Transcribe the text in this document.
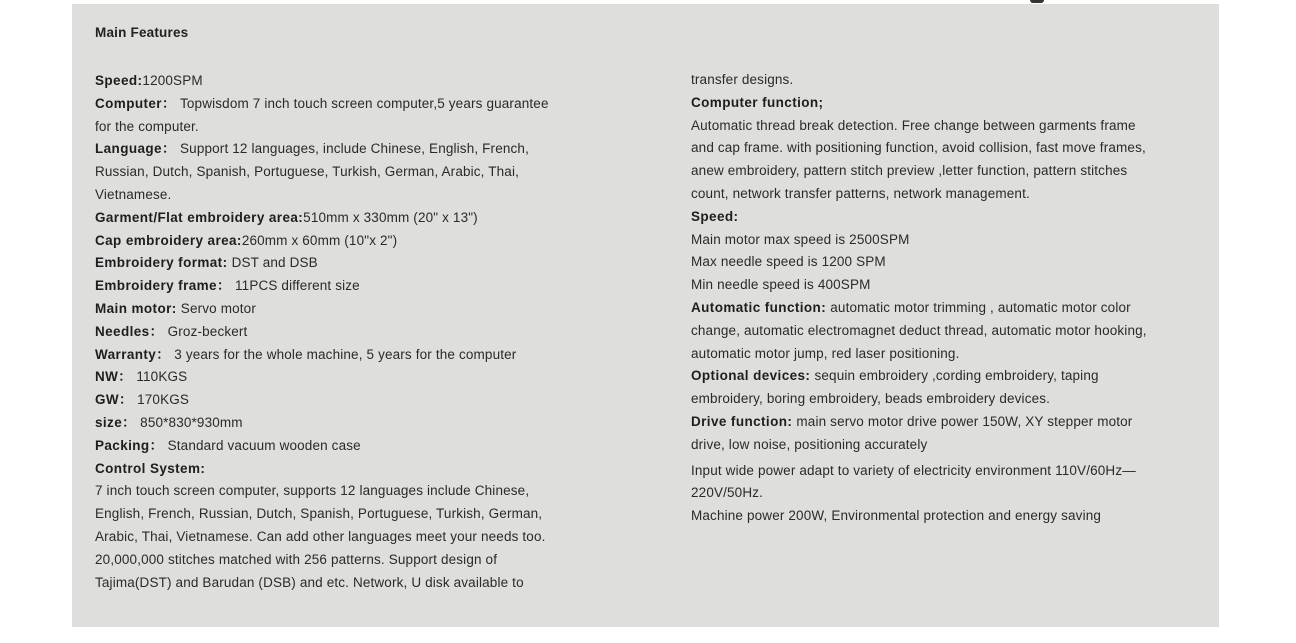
Main Features
Speed:1200SPM
Computer： Topwisdom 7 inch touch screen computer,5 years guarantee
for the computer.
Language： Support 12 languages, include Chinese, English, French,
Russian, Dutch, Spanish, Portuguese, Turkish, German, Arabic, Thai,
Vietnamese.
Garment/Flat embroidery area:510mm x 330mm (20" x 13")
Cap embroidery area:260mm x 60mm (10"x 2")
Embroidery format: DST and DSB
Embroidery frame： 11PCS different size
Main motor: Servo motor
Needles： Groz-beckert
Warranty： 3 years for the whole machine, 5 years for the computer
NW： 110KGS
GW： 170KGS
size： 850*830*930mm
Packing： Standard vacuum wooden case
Control System:
7 inch touch screen computer, supports 12 languages include Chinese,
English, French, Russian, Dutch, Spanish, Portuguese, Turkish, German,
Arabic, Thai, Vietnamese. Can add other languages meet your needs too.
20,000,000 stitches matched with 256 patterns. Support design of
Tajima(DST) and Barudan (DSB) and etc. Network, U disk available to
transfer designs.
Computer function;
Automatic thread break detection. Free change between garments frame
and cap frame. with positioning function, avoid collision, fast move frames,
anew embroidery, pattern stitch preview ,letter function, pattern stitches
count, network transfer patterns, network management.
Speed:
Main motor max speed is 2500SPM
Max needle speed is 1200 SPM
Min needle speed is 400SPM
Automatic function: automatic motor trimming , automatic motor color
change, automatic electromagnet deduct thread, automatic motor hooking,
automatic motor jump, red laser positioning.
Optional devices: sequin embroidery ,cording embroidery, taping
embroidery, boring embroidery, beads embroidery devices.
Drive function: main servo motor drive power 150W, XY stepper motor
drive, low noise, positioning accurately
Input wide power adapt to variety of electricity environment 110V/60Hz—
220V/50Hz.
Machine power 200W, Environmental protection and energy saving
